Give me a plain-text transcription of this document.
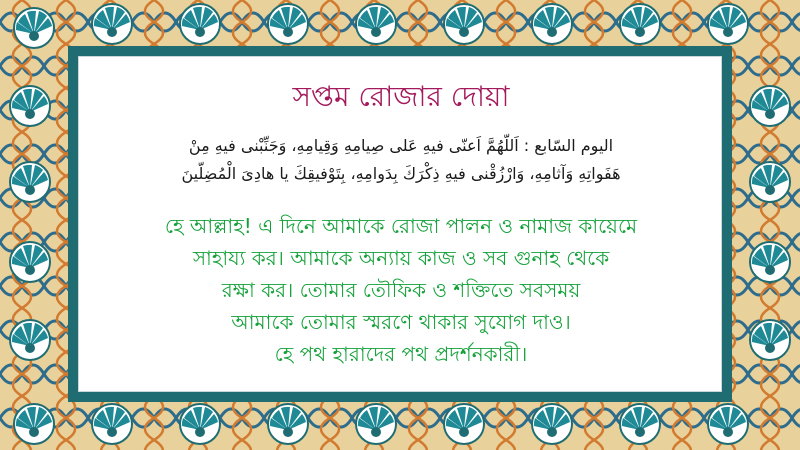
সপ্তম রোজার দোয়া
اليوم السّابع : اَللّهُمَّ اَعنّى فيهِ عَلى صِيامِهِ وَقِيامِهِ، وَجَنِّبْنى فيهِ مِنْ
هَفَواتِهِ وَآثامِهِ، وَارْزُقْنى فيهِ ذِكْرَكَ بِدَوامِهِ، بِتَوْفيقِكَ يا هادِىَ الْمُضِلّينَ
হে আল্লাহ! এ দিনে আমাকে রোজা পালন ও নামাজ কায়েমে
সাহায্য কর। আমাকে অন্যায় কাজ ও সব গুনাহ থেকে
রক্ষা কর। তোমার তৌফিক ও শক্তিতে সবসময়
আমাকে তোমার স্মরণে থাকার সুযোগ দাও।
হে পথ হারাদের পথ প্রদর্শনকারী।
